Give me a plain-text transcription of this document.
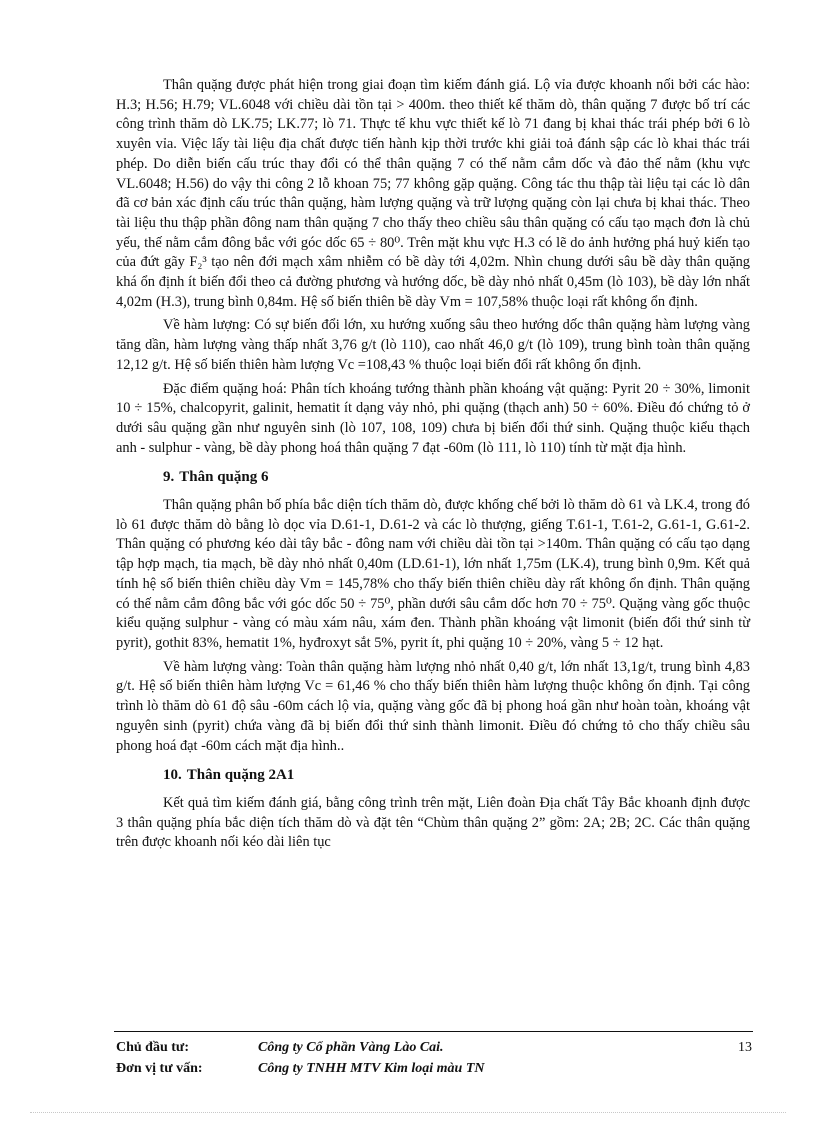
Thân quặng được phát hiện trong giai đoạn tìm kiếm đánh giá. Lộ vỉa được khoanh nối bởi các hào: H.3; H.56; H.79; VL.6048 với chiều dài tồn tại > 400m. theo thiết kế thăm dò, thân quặng 7 được bố trí các công trình thăm dò LK.75; LK.77; lò 71. Thực tế khu vực thiết kế lò 71 đang bị khai thác trái phép bởi 6 lò xuyên vỉa. Việc lấy tài liệu địa chất được tiến hành kịp thời trước khi giải toả đánh sập các lò khai thác trái phép. Do diễn biến cấu trúc thay đổi có thể thân quặng 7 có thế nằm cắm dốc và đảo thế nằm (khu vực VL.6048; H.56) do vậy thi công 2 lỗ khoan 75; 77 không gặp quặng. Công tác thu thập tài liệu tại các lò dân đã cơ bản xác định cấu trúc thân quặng, hàm lượng quặng và trữ lượng quặng còn lại chưa bị khai thác. Theo tài liệu thu thập phần đông nam thân quặng 7 cho thấy theo chiều sâu thân quặng có cấu tạo mạch đơn là chủ yếu, thế nằm cắm đông bắc với góc dốc 65 ÷ 80⁰. Trên mặt khu vực H.3 có lẽ do ảnh hưởng phá huỷ kiến tạo của đứt gãy F₂³ tạo nên đới mạch xâm nhiễm có bề dày tới 4,02m. Nhìn chung dưới sâu bề dày thân quặng khá ổn định ít biến đổi theo cả đường phương và hướng dốc, bề dày nhỏ nhất 0,45m (lò 103), bề dày lớn nhất 4,02m (H.3), trung bình 0,84m. Hệ số biến thiên bề dày Vm = 107,58% thuộc loại rất không ổn định.

Về hàm lượng: Có sự biến đổi lớn, xu hướng xuống sâu theo hướng dốc thân quặng hàm lượng vàng tăng dần, hàm lượng vàng thấp nhất 3,76 g/t (lò 110), cao nhất 46,0 g/t (lò 109), trung bình toàn thân quặng 12,12 g/t. Hệ số biến thiên hàm lượng Vc =108,43 % thuộc loại biến đổi rất không ổn định.

Đặc điểm quặng hoá: Phân tích khoáng tướng thành phần khoáng vật quặng: Pyrit 20 ÷ 30%, limonit 10 ÷ 15%, chalcopyrit, galinit, hematit ít dạng vảy nhỏ, phi quặng (thạch anh) 50 ÷ 60%. Điều đó chứng tỏ ở dưới sâu quặng gần như nguyên sinh (lò 107, 108, 109) chưa bị biến đổi thứ sinh. Quặng thuộc kiểu thạch anh - sulphur - vàng, bề dày phong hoá thân quặng 7 đạt -60m (lò 111, lò 110) tính từ mặt địa hình.

9. Thân quặng 6

Thân quặng phân bố phía bắc diện tích thăm dò, được khống chế bởi lò thăm dò 61 và LK.4, trong đó lò 61 được thăm dò bằng lò dọc vỉa D.61-1, D.61-2 và các lò thượng, giếng T.61-1, T.61-2, G.61-1, G.61-2. Thân quặng có phương kéo dài tây bắc - đông nam với chiều dài tồn tại >140m. Thân quặng có cấu tạo dạng tập hợp mạch, tia mạch, bề dày nhỏ nhất 0,40m (LD.61-1), lớn nhất 1,75m (LK.4), trung bình 0,9m. Kết quả tính hệ số biến thiên chiều dày Vm = 145,78% cho thấy biến thiên chiều dày rất không ổn định. Thân quặng có thế nằm cắm đông bắc với góc dốc 50 ÷ 75⁰, phần dưới sâu cắm dốc hơn 70 ÷ 75⁰. Quặng vàng gốc thuộc kiểu quặng sulphur - vàng có màu xám nâu, xám đen. Thành phần khoáng vật limonit (biến đổi thứ sinh từ pyrit), gothit 83%, hematit 1%, hyđroxyt sắt 5%, pyrit ít, phi quặng 10 ÷ 20%, vàng 5 ÷ 12 hạt.

Về hàm lượng vàng: Toàn thân quặng hàm lượng nhỏ nhất 0,40 g/t, lớn nhất 13,1g/t, trung bình 4,83 g/t. Hệ số biến thiên hàm lượng Vc = 61,46 % cho thấy biến thiên hàm lượng thuộc không ổn định. Tại công trình lò thăm dò 61 độ sâu -60m cách lộ vỉa, quặng vàng gốc đã bị phong hoá gần như hoàn toàn, khoáng vật nguyên sinh (pyrit) chứa vàng đã bị biến đổi thứ sinh thành limonit. Điều đó chứng tỏ cho thấy chiều sâu phong hoá đạt -60m cách mặt địa hình..

10. Thân quặng 2A1

Kết quả tìm kiếm đánh giá, bằng công trình trên mặt, Liên đoàn Địa chất Tây Bắc khoanh định được 3 thân quặng phía bắc diện tích thăm dò và đặt tên “Chùm thân quặng 2” gồm: 2A; 2B; 2C. Các thân quặng trên được khoanh nối kéo dài liên tục

Chủ đầu tư:	Công ty Cổ phần Vàng Lào Cai.	13
Đơn vị tư vấn:	Công ty TNHH MTV Kim loại màu TN
